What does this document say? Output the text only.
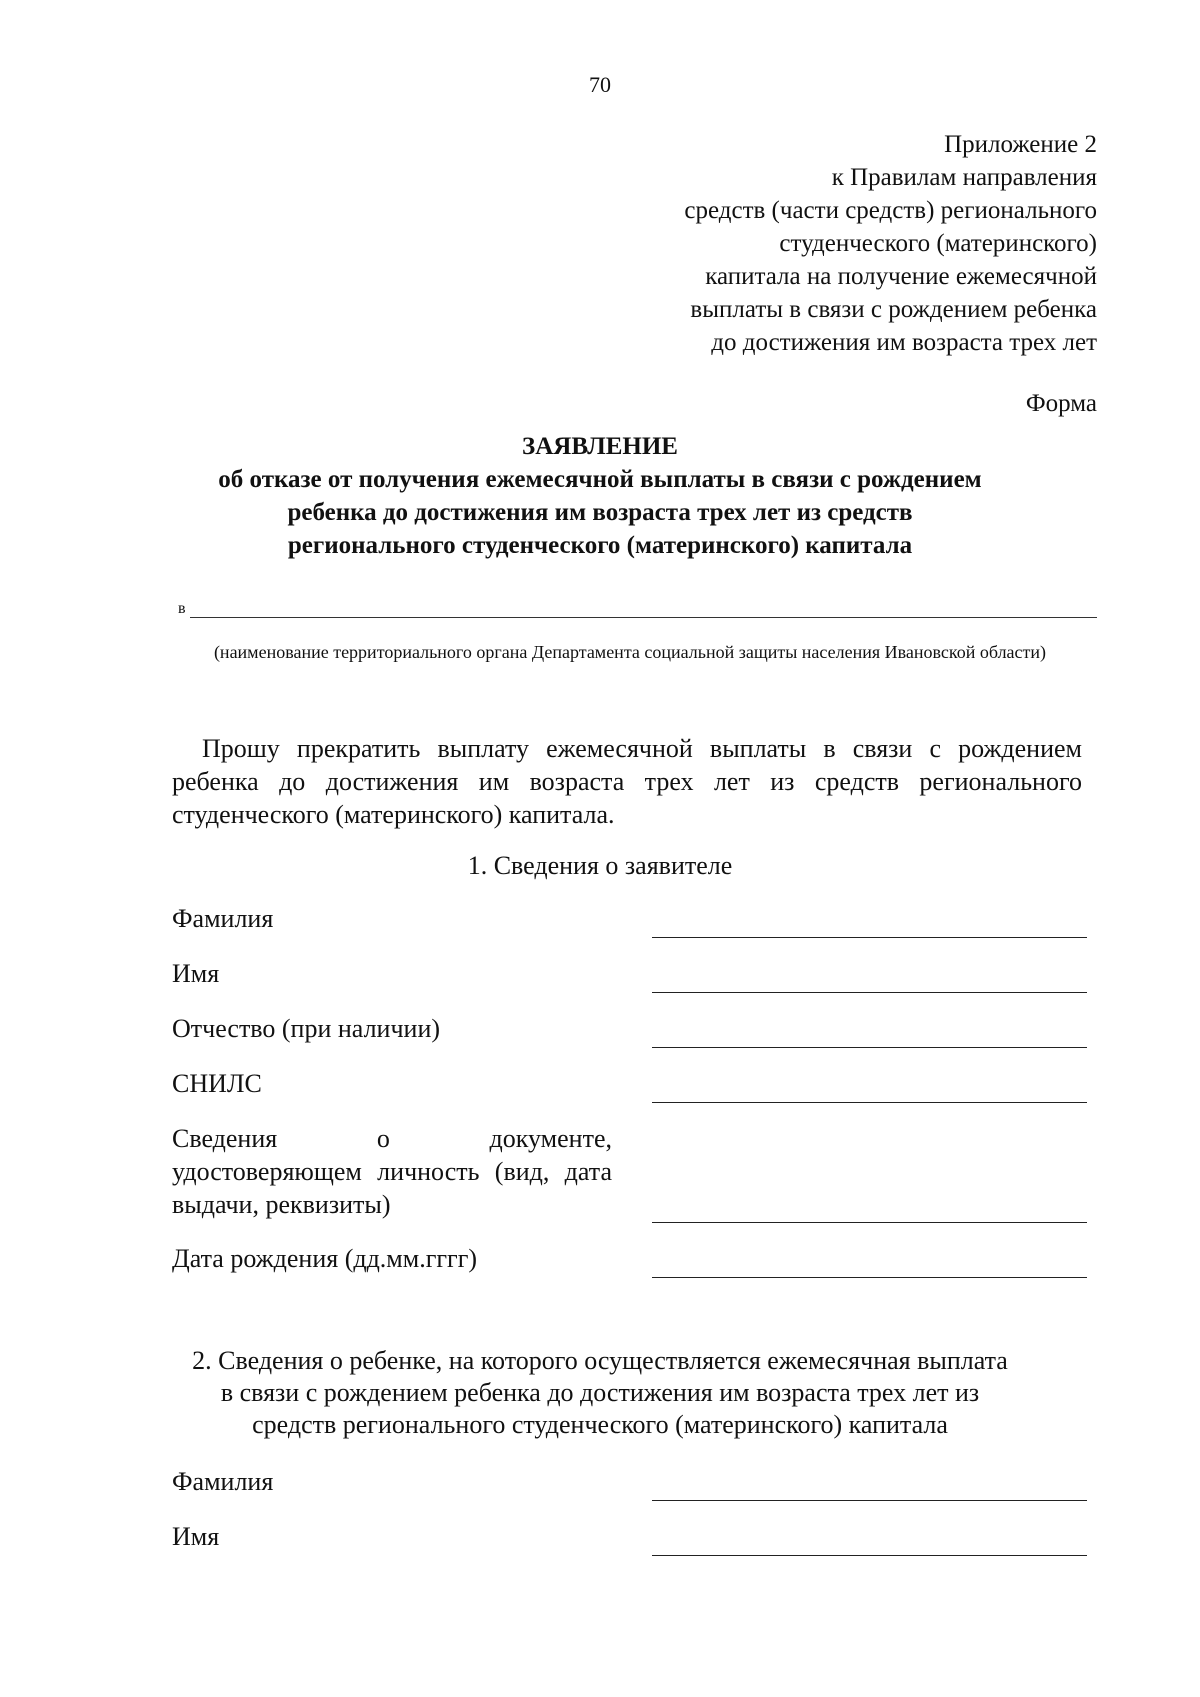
70
Приложение 2
к Правилам направления
средств (части средств) регионального
студенческого (материнского)
капитала на получение ежемесячной
выплаты в связи с рождением ребенка
до достижения им возраста трех лет
Форма
ЗАЯВЛЕНИЕ
об отказе от получения ежемесячной выплаты в связи с рождением
ребенка до достижения им возраста трех лет из средств
регионального студенческого (материнского) капитала
в
(наименование территориального органа Департамента социальной защиты населения Ивановской области)
Прошу прекратить выплату ежемесячной выплаты в связи с рождением ребенка до достижения им возраста трех лет из средств регионального студенческого (материнского) капитала.
1. Сведения о заявителе
Фамилия
Имя
Отчество (при наличии)
СНИЛС
Сведения о документе, удостоверяющем личность (вид, дата выдачи, реквизиты)
Дата рождения (дд.мм.гггг)
2. Сведения о ребенке, на которого осуществляется ежемесячная выплата
в связи с рождением ребенка до достижения им возраста трех лет из
средств регионального студенческого (материнского) капитала
Фамилия
Имя
